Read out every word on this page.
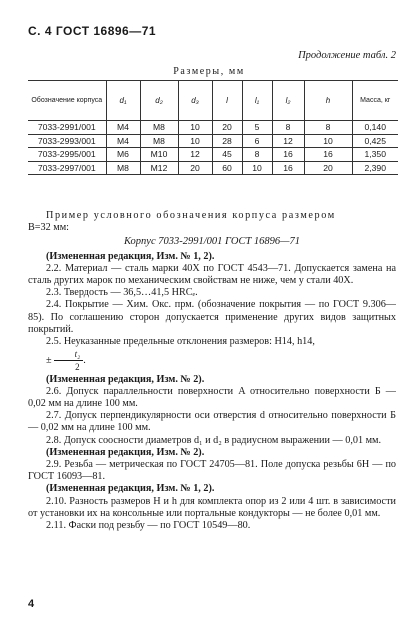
С. 4 ГОСТ 16896—71
Продолжение табл. 2
Размеры, мм
Обозначение корпуса	d₁	d₂	d₃	l	l₁	l₂	h	Масса, кг
7033-2991/001	M4	M8	10	20	5	8	8	0,140
7033-2993/001	M4	M8	10	28	6	12	10	0,425
7033-2995/001	M6	M10	12	45	8	16	16	1,350
7033-2997/001	M8	M12	20	60	10	16	20	2,390

Пример условного обозначения корпуса размером

B=32 мм:

Корпус 7033-2991/001 ГОСТ 16896—71

(Измененная редакция, Изм. № 1, 2).

2.2. Материал — сталь марки 40Х по ГОСТ 4543—71. Допускается замена на сталь других марок по механическим свойствам не ниже, чем у стали 40Х.

2.3. Твердость — 36,5…41,5 HRCₑ.

2.4. Покрытие — Хим. Окс. прм. (обозначение покрытия — по ГОСТ 9.306—85). По соглашению сторон допускается применение других видов защитных покрытий.

2.5. Неуказанные предельные отклонения размеров: H14, h14,

± $\frac{\text{t₂}}{2}$ .

(Измененная редакция, Изм. № 2).

2.6. Допуск параллельности поверхности A относительно поверхности Б — 0,02 мм на длине 100 мм.

2.7. Допуск перпендикулярности оси отверстия d относительно поверхности Б — 0,02 мм на длине 100 мм.

2.8. Допуск соосности диаметров d₁ и d₂ в радиусном выражении — 0,01 мм.

(Измененная редакция, Изм. № 2).

2.9. Резьба — метрическая по ГОСТ 24705—81. Поле допуска резьбы 6H — по ГОСТ 16093—81.

(Измененная редакция, Изм. № 1, 2).

2.10. Разность размеров H и h для комплекта опор из 2 или 4 шт. в зависимости от установки их на консольные или портальные кондукторы — не более 0,01 мм.

2.11. Фаски под резьбу — по ГОСТ 10549—80.

4
